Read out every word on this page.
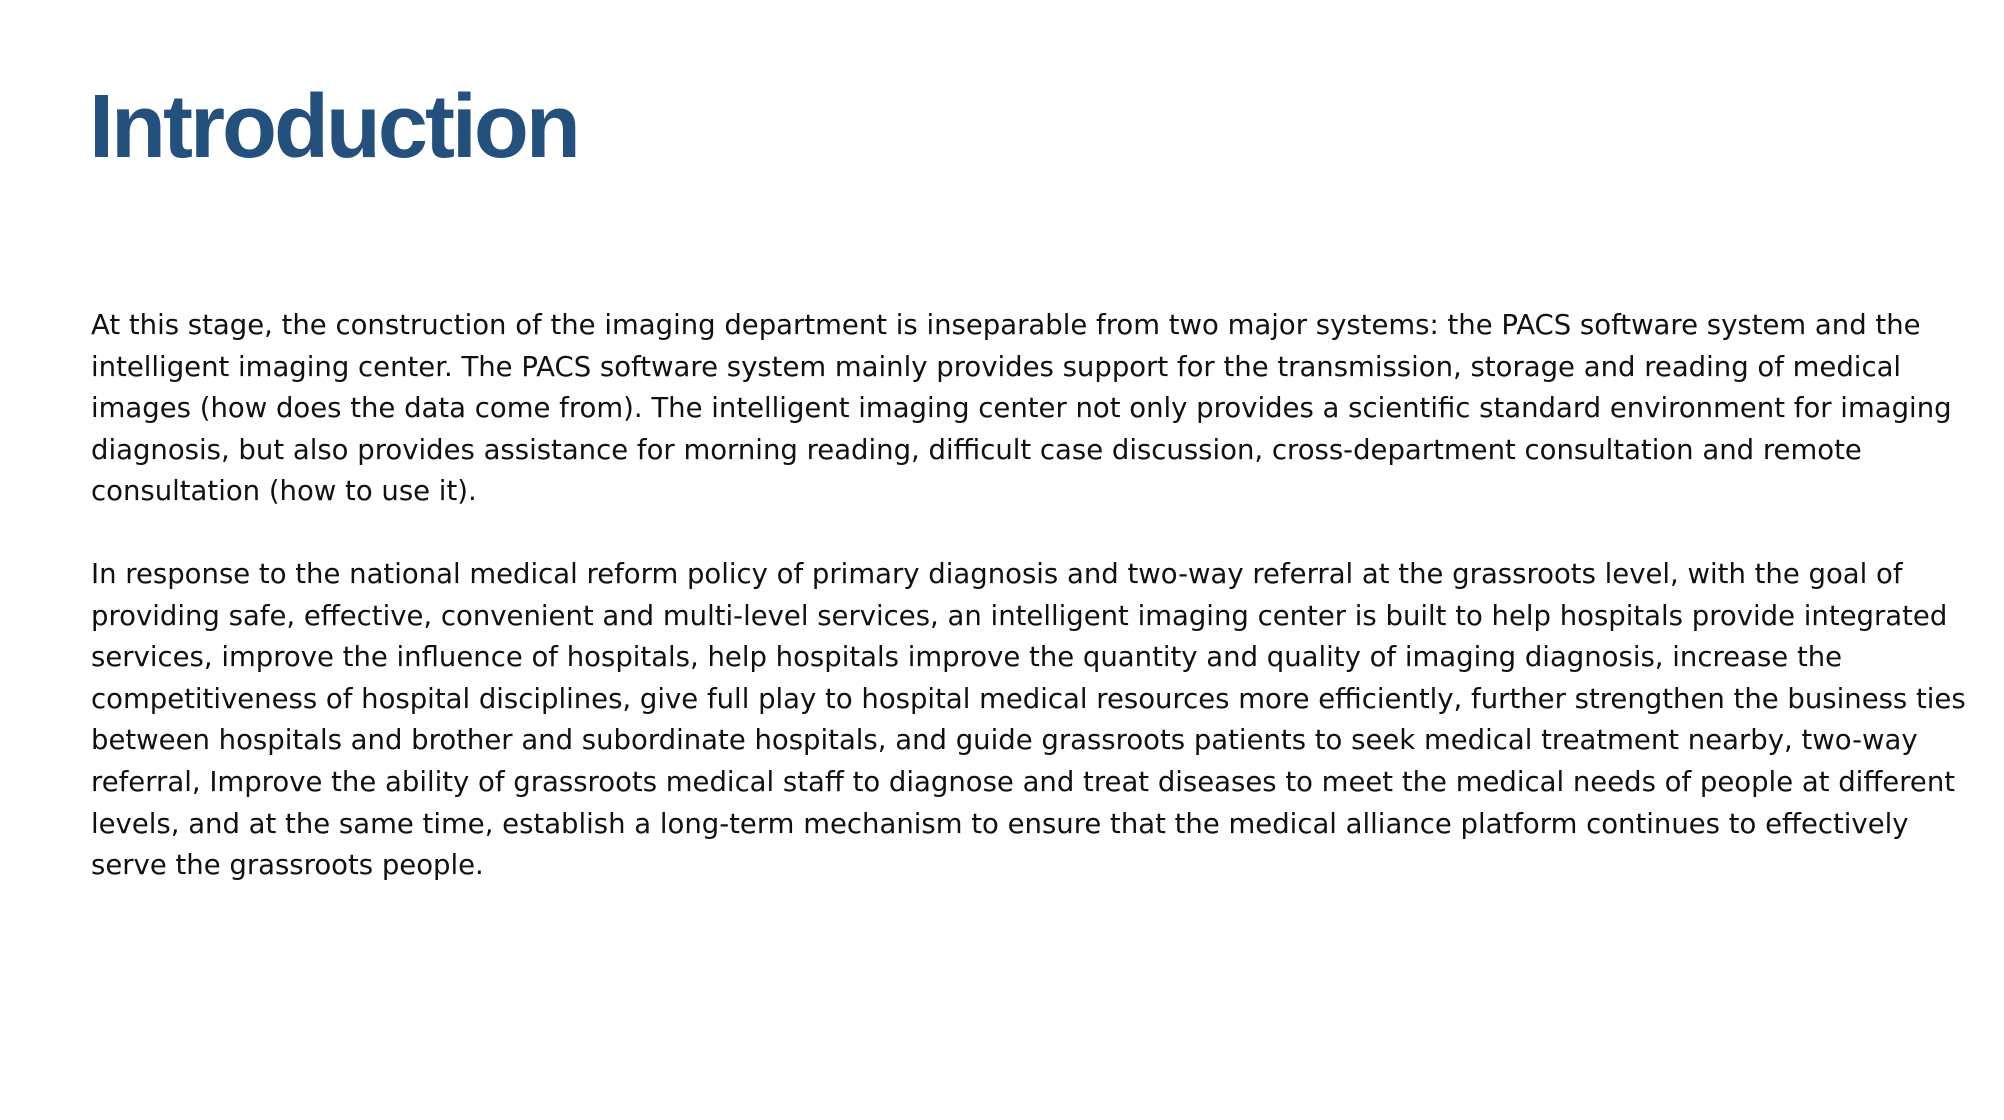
Introduction

At this stage, the construction of the imaging department is inseparable from two major systems: the PACS software system and the intelligent imaging center. The PACS software system mainly provides support for the transmission, storage and reading of medical images (how does the data come from). The intelligent imaging center not only provides a scientific standard environment for imaging diagnosis, but also provides assistance for morning reading, difficult case discussion, cross-department consultation and remote consultation (how to use it).

In response to the national medical reform policy of primary diagnosis and two-way referral at the grassroots level, with the goal of providing safe, effective, convenient and multi-level services, an intelligent imaging center is built to help hospitals provide integrated services, improve the influence of hospitals, help hospitals improve the quantity and quality of imaging diagnosis, increase the competitiveness of hospital disciplines, give full play to hospital medical resources more efficiently, further strengthen the business ties between hospitals and brother and subordinate hospitals, and guide grassroots patients to seek medical treatment nearby, two-way referral, Improve the ability of grassroots medical staff to diagnose and treat diseases to meet the medical needs of people at different levels, and at the same time, establish a long-term mechanism to ensure that the medical alliance platform continues to effectively serve the grassroots people.
